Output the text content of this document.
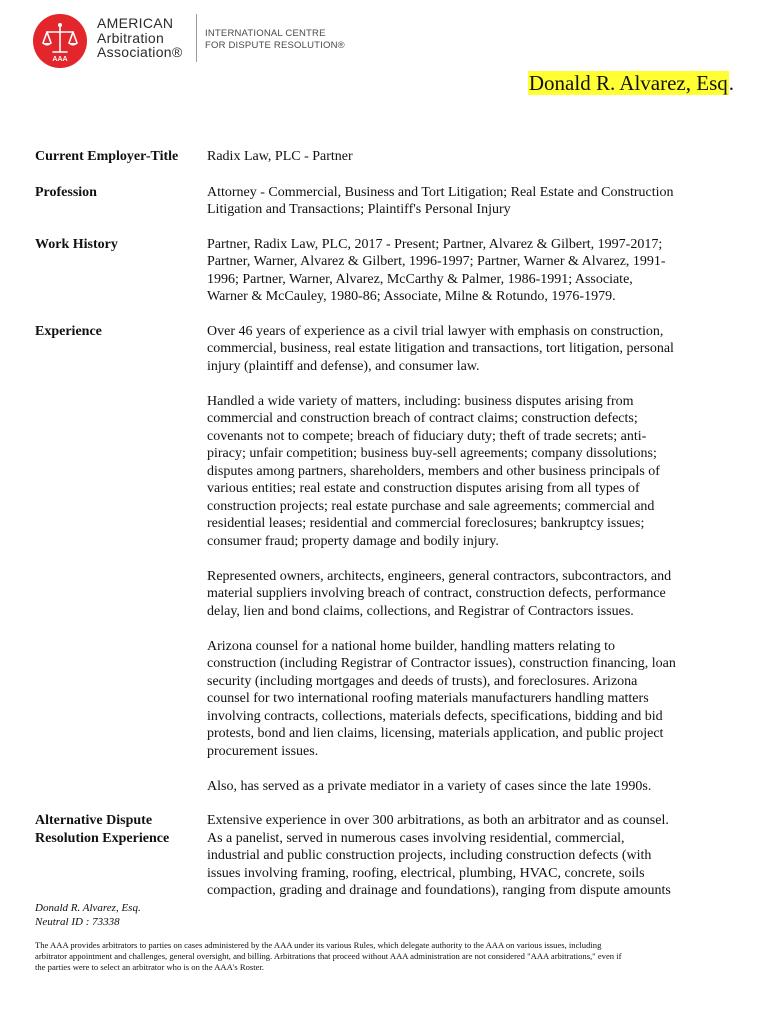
AAA
AMERICAN
Arbitration
Association®
INTERNATIONAL CENTRE
FOR DISPUTE RESOLUTION®
Donald R. Alvarez, Esq.
Current Employer-Title	Radix Law, PLC - Partner

Profession	Attorney - Commercial, Business and Tort Litigation; Real Estate and Construction
Litigation and Transactions; Plaintiff's Personal Injury

Work History	Partner, Radix Law, PLC, 2017 - Present; Partner, Alvarez & Gilbert, 1997-2017;
Partner, Warner, Alvarez & Gilbert, 1996-1997; Partner, Warner & Alvarez, 1991-
1996; Partner, Warner, Alvarez, McCarthy & Palmer, 1986-1991; Associate,
Warner & McCauley, 1980-86; Associate, Milne & Rotundo, 1976-1979.

Experience	Over 46 years of experience as a civil trial lawyer with emphasis on construction,
commercial, business, real estate litigation and transactions, tort litigation, personal
injury (plaintiff and defense), and consumer law.

Handled a wide variety of matters, including: business disputes arising from
commercial and construction breach of contract claims; construction defects;
covenants not to compete; breach of fiduciary duty; theft of trade secrets; anti-
piracy; unfair competition; business buy-sell agreements; company dissolutions;
disputes among partners, shareholders, members and other business principals of
various entities; real estate and construction disputes arising from all types of
construction projects; real estate purchase and sale agreements; commercial and
residential leases; residential and commercial foreclosures; bankruptcy issues;
consumer fraud; property damage and bodily injury.

Represented owners, architects, engineers, general contractors, subcontractors, and
material suppliers involving breach of contract, construction defects, performance
delay, lien and bond claims, collections, and Registrar of Contractors issues.

Arizona counsel for a national home builder, handling matters relating to
construction (including Registrar of Contractor issues), construction financing, loan
security (including mortgages and deeds of trusts), and foreclosures. Arizona
counsel for two international roofing materials manufacturers handling matters
involving contracts, collections, materials defects, specifications, bidding and bid
protests, bond and lien claims, licensing, materials application, and public project
procurement issues.

Also, has served as a private mediator in a variety of cases since the late 1990s.

Alternative Dispute
Resolution Experience

Extensive experience in over 300 arbitrations, as both an arbitrator and as counsel.
As a panelist, served in numerous cases involving residential, commercial,
industrial and public construction projects, including construction defects (with
issues involving framing, roofing, electrical, plumbing, HVAC, concrete, soils
compaction, grading and drainage and foundations), ranging from dispute amounts

Donald R. Alvarez, Esq.
Neutral ID : 73338
The AAA provides arbitrators to parties on cases administered by the AAA under its various Rules, which delegate authority to the AAA on various issues, including
arbitrator appointment and challenges, general oversight, and billing. Arbitrations that proceed without AAA administration are not considered "AAA arbitrations," even if
the parties were to select an arbitrator who is on the AAA's Roster.
